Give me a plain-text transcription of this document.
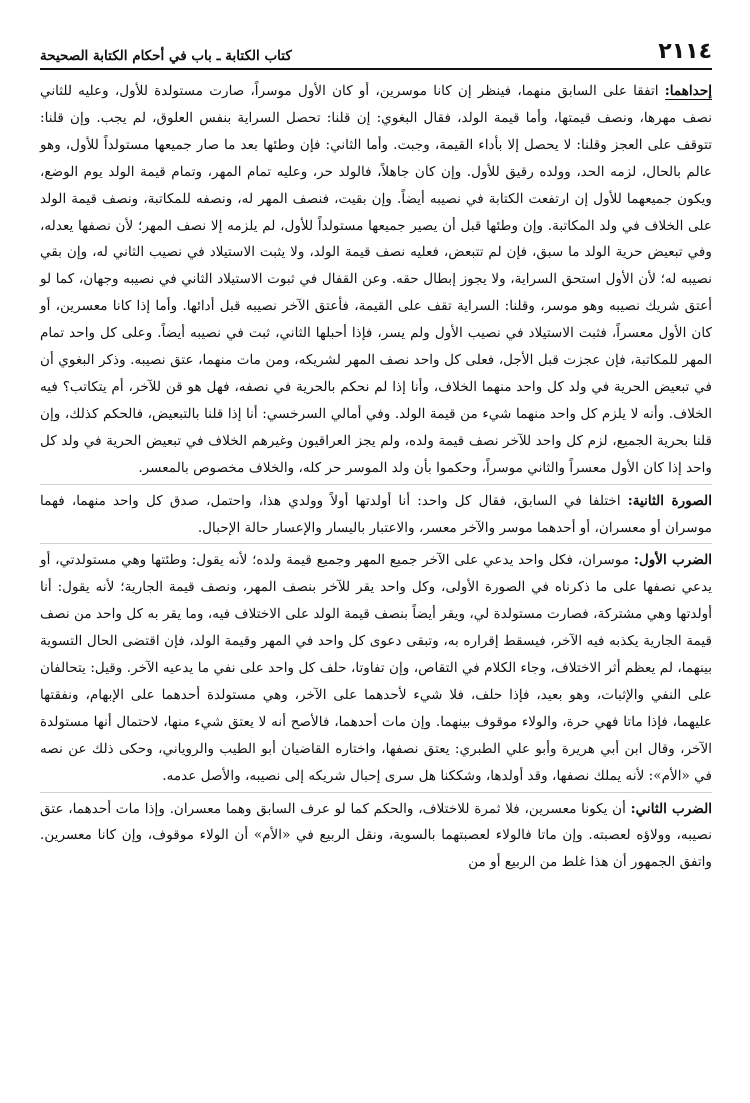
٢١١٤
كتاب الكتابة ـ باب في أحكام الكتابة الصحيحة

إحداهما: اتفقا على السابق منهما، فينظر إن كانا موسرين، أو كان الأول موسراً، صارت مستولدة للأول، وعليه للثاني نصف مهرها، ونصف قيمتها، وأما قيمة الولد، فقال البغوي: إن قلنا: تحصل السراية بنفس العلوق، لم يجب. وإن قلنا: تتوقف على العجز وقلنا: لا يحصل إلا بأداء القيمة، وجبت. وأما الثاني: فإن وطئها بعد ما صار جميعها مستولداً للأول، وهو عالم بالحال، لزمه الحد، وولده رقيق للأول. وإن كان جاهلاً، فالولد حر، وعليه تمام المهر، وتمام قيمة الولد يوم الوضع، ويكون جميعهما للأول إن ارتفعت الكتابة في نصيبه أيضاً. وإن بقيت، فنصف المهر له، ونصفه للمكاتبة، ونصف قيمة الولد على الخلاف في ولد المكاتبة. وإن وطئها قبل أن يصير جميعها مستولداً للأول، لم يلزمه إلا نصف المهر؛ لأن نصفها يعدله، وفي تبعيض حرية الولد ما سبق، فإن لم تتبعض، فعليه نصف قيمة الولد، ولا يثبت الاستيلاد في نصيب الثاني له، وإن بقي نصيبه له؛ لأن الأول استحق السراية، ولا يجوز إبطال حقه. وعن القفال في ثبوت الاستيلاد الثاني في نصيبه وجهان، كما لو أعتق شريك نصيبه وهو موسر، وقلنا: السراية تقف على القيمة، فأعتق الآخر نصيبه قبل أدائها. وأما إذا كانا معسرين، أو كان الأول معسراً، فثبت الاستيلاد في نصيب الأول ولم يسر، فإذا أحبلها الثاني، ثبت في نصيبه أيضاً. وعلى كل واحد تمام المهر للمكاتبة، فإن عجزت قبل الأجل، فعلى كل واحد نصف المهر لشريكه، ومن مات منهما، عتق نصيبه. وذكر البغوي أن في تبعيض الحرية في ولد كل واحد منهما الخلاف، وأنا إذا لم نحكم بالحرية في نصفه، فهل هو قن للآخر، أم يتكاتب؟ فيه الخلاف. وأنه لا يلزم كل واحد منهما شيء من قيمة الولد. وفي أمالي السرخسي: أنا إذا قلنا بالتبعيض، فالحكم كذلك، وإن قلنا بحرية الجميع، لزم كل واحد للآخر نصف قيمة ولده، ولم يجز العراقيون وغيرهم الخلاف في تبعيض الحرية في ولد كل واحد إذا كان الأول معسراً والثاني موسراً، وحكموا بأن ولد الموسر حر كله، والخلاف مخصوص بالمعسر.

الصورة الثانية: اختلفا في السابق، فقال كل واحد: أنا أولدتها أولاً وولدي هذا، واحتمل، صدق كل واحد منهما، فهما موسران أو معسران، أو أحدهما موسر والآخر معسر، والاعتبار باليسار والإعسار حالة الإحبال.

الضرب الأول: موسران، فكل واحد يدعي على الآخر جميع المهر وجميع قيمة ولده؛ لأنه يقول: وطئتها وهي مستولدتي، أو يدعي نصفها على ما ذكرناه في الصورة الأولى، وكل واحد يقر للآخر بنصف المهر، ونصف قيمة الجارية؛ لأنه يقول: أنا أولدتها وهي مشتركة، فصارت مستولدة لي، ويقر أيضاً بنصف قيمة الولد على الاختلاف فيه، وما يقر به كل واحد من نصف قيمة الجارية يكذبه فيه الآخر، فيسقط إقراره به، وتبقى دعوى كل واحد في المهر وقيمة الولد، فإن اقتضى الحال التسوية بينهما، لم يعظم أثر الاختلاف، وجاء الكلام في التقاص، وإن تفاوتا، حلف كل واحد على نفي ما يدعيه الآخر. وقيل: يتحالفان على النفي والإثبات، وهو بعيد، فإذا حلف، فلا شيء لأحدهما على الآخر، وهي مستولدة أحدهما على الإبهام، ونفقتها عليهما، فإذا ماتا فهي حرة، والولاء موقوف بينهما. وإن مات أحدهما، فالأصح أنه لا يعتق شيء منها، لاحتمال أنها مستولدة الآخر، وقال ابن أبي هريرة وأبو علي الطبري: يعتق نصفها، واختاره القاضيان أبو الطيب والروياني، وحكى ذلك عن نصه في «الأم»: لأنه يملك نصفها، وقد أولدها، وشككنا هل سرى إحبال شريكه إلى نصيبه، والأصل عدمه.

الضرب الثاني: أن يكونا معسرين، فلا ثمرة للاختلاف، والحكم كما لو عرف السابق وهما معسران. وإذا مات أحدهما، عتق نصيبه، وولاؤه لعصبته. وإن ماتا فالولاء لعصبتهما بالسوية، ونقل الربيع في «الأم» أن الولاء موقوف، وإن كانا معسرين. واتفق الجمهور أن هذا غلط من الربيع أو من
